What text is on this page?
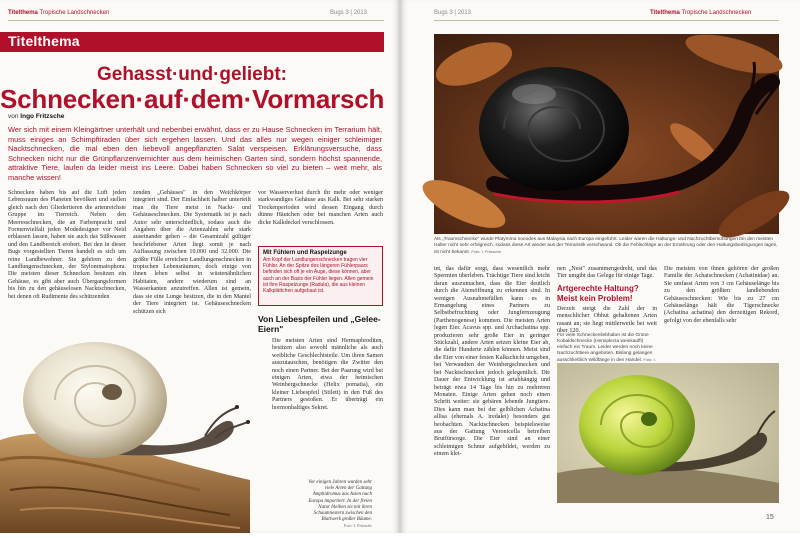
Titelthema Tropische Landschnecken	Bugs 3 | 2013
Titelthema
Gehasst·und·geliebt:
Schnecken·auf·dem·Vormarsch
von Ingo Fritzsche
Wer sich mit einem Kleingärtner unterhält und nebenbei erwähnt, dass er zu Hause Schnecken im Terrarium hält, muss einiges an Schimpftiraden über sich ergehen lassen. Und das alles nur wegen einiger schleimiger Nacktschnecken, die mal eben den liebevoll angepflanzten Salat verspeisen. Erklärungsversuche, dass Schnecken nicht nur die Grünpflanzenvernichter aus dem heimischen Garten sind, sondern höchst spannende, attraktive Tiere, laufen da leider meist ins Leere. Dabei haben Schnecken so viel zu bieten – weit mehr, als manche wissen!
Schnecken haben bis auf die Luft jeden Lebensraum des Planeten bevölkert und stellen gleich nach den Gliedertieren die artenreichste Gruppe im Tierreich. Neben den Meeresschnecken, die an Farbenpracht und Formenvielfalt jeden Modedesigner vor Neid erblassen lassen, haben sie auch das Süßwasser und den Landbereich erobert. Bei den in dieser Bugs vorgestellten Tieren handelt es sich um reine Landbewohner. Sie gehören zu den Landlungenschnecken, der Stylommatophora. Die meisten dieser Schnecken besitzen ein Gehäuse, es gibt aber auch Übergangsformen bis hin zu den gehäuselosen Nacktschnecken, bei denen oft Rudimente des schützenden
zenden „Gehäuses" in den Weichkörper integriert sind. Der Einfachheit halber unterteilt man die Tiere meist in Nackt- und Gehäuseschnecken. Die Systematik ist je nach Autor sehr unterschiedlich, sodass auch die Angaben über die Artenzahlen sehr stark auseinander gehen – die Gesamtzahl gültiger beschriebener Arten liegt somit je nach Auffassung zwischen 10.000 und 32.000. Die größte Fülle erreichen Landlungenschnecken in tropischen Lebensräumen, doch einige von ihnen leben selbst in wüstenähnlichen Habitaten, andere wiederum sind an Wasserkanten anzutreffen. Allen ist gemein, dass sie eine Lunge besitzen, die in den Mantel der Tiere integriert ist. Gehäuseschnecken schützen sich
vor Wasserverlust durch ihr mehr oder weniger starkwandiges Gehäuse aus Kalk. Bei sehr starken Trockenperioden wird dessen Eingang durch dünne Häutchen oder bei manchen Arten auch dicke Kalkdeckel verschlossen.
Mit Fühlern und Raspelzunge
Am Kopf der Landlungenschnecken tragen vier Fühler. An der Spitze des längeren Fühlerpaars befinden sich oft je ein Auge, diese können, aber auch an der Basis der Fühler liegen. Allen gemein ist ihre Raspelzunge (Radula), die aus kleinen Kalkplättchen aufgebaut ist.
Von Liebespfeilen und „Gelee-Eiern"
Die meisten Arten sind Hermaphroditen, besitzen also sowohl männliche als auch weibliche Geschlechtsteile. Um ihren Samen auszutauschen, benötigen die Zwitter den noch einen Partner. Bei der Paarung wird bei einigen Arten, etwa der heimischen Weinbergschnecke (Helix pomatia), ein kleiner Liebespfeil (Stilett) in den Fuß des Partners gestoßen. Er überträgt ein hormonhaltiges Sekret.
Vor einigen Jahren wurden sehr viele Arten der Gattung Amphidromus aus Asien nach Europa importiert. In der freien Natur bleiben sie mit ihren Schaumnestern zwischen den Blattwerk großer Bäume.
Foto: I. Fritzsche
Bugs 3 | 2013	Titelthema Tropische Landschnecken
Als „Traumschnecke" wurde Platymma noeodes aus Malaysia nach Europa eingeführt. Leider waren die Haltungs- und Nachzuchtbemühungen bei den meisten Halter nicht sehr erfolgreich, sodass diese Art wieder aus der Terraristik verschwand. Ob die Fehlschläge an der Ernährung oder den Haltungsbedingungen lagen, ist nicht bekannt. Foto: I. Fritzsche
tet, das dafür sorgt, dass wesentlich mehr Spermien überleben. Trächtige Tiere sind leicht daran auszumachen, dass die Eier deutlich durch die Atemöffnung zu erkennen sind. In wenigen Ausnahmefällen kann es in Ermangelung eines Partners zu Selbstbefruchtung oder Jungfernzeugung (Parthenogenese) kommen. Die meisten Arten legen Eier. Acavus spp. und Archachatina spp. produzieren sehr große Eier in geringer Stückzahl, andere Arten setzen kleine Eier ab, die dafür Hunderte zählen können. Meist sind die Eier von einer festen Kalkschicht umgeben, bei Verwandten der Weinbergschnecken und bei Nacktschnecken jedoch gelegentlich. Die Dauer der Entwicklung ist artabhängig und beträgt etwa 14 Tage bis hin zu mehreren Monaten. Einige Arten gehen noch einen Schritt weiter: sie gebären lebende Jungtiere. Dies kann man bei der gelblichen Achatina allisa (ehemals A. iredalei) besonders gut beobachten. Nacktschnecken beispielsweise aus der Gattung Veronicella betreiben Brutfürsorge. Die Eier sind an einer schleimigen Schnur aufgebildet, werden zu einem klei-
nen „Nest" zusammengedreht, und das Tier umgibt das Gelege für einige Tage.
Artgerechte Haltung? Meist kein Problem!
Derzeit steigt die Zahl der in menschlicher Obhut gehaltenen Arten rasant an; sie liegt mittlerweile bei weit über 120.
Die meisten von ihnen gehören der großen Familie der Achatschnecken (Achatinidae) an. Sie umfasst Arten von 3 cm Gehäuselänge bis zu den größten landlebenden Gehäuseschnecken: Wie bis zu 27 cm Gehäuselänge hält die Tigerschnecke (Achatina achatina) den derzeitigen Rekord, gefolgt von der ebenfalls sehr
Für viele Schneckenliebhaber ist die Grüne Kobaldschnecke (Hemiplecta weinkauffi) einfach ein Traum. Leider werden noch keine Nachzuchttiere angeboten. Bislang gelangen ausschließlich Wildfänge in den Handel. Foto: I.
15
